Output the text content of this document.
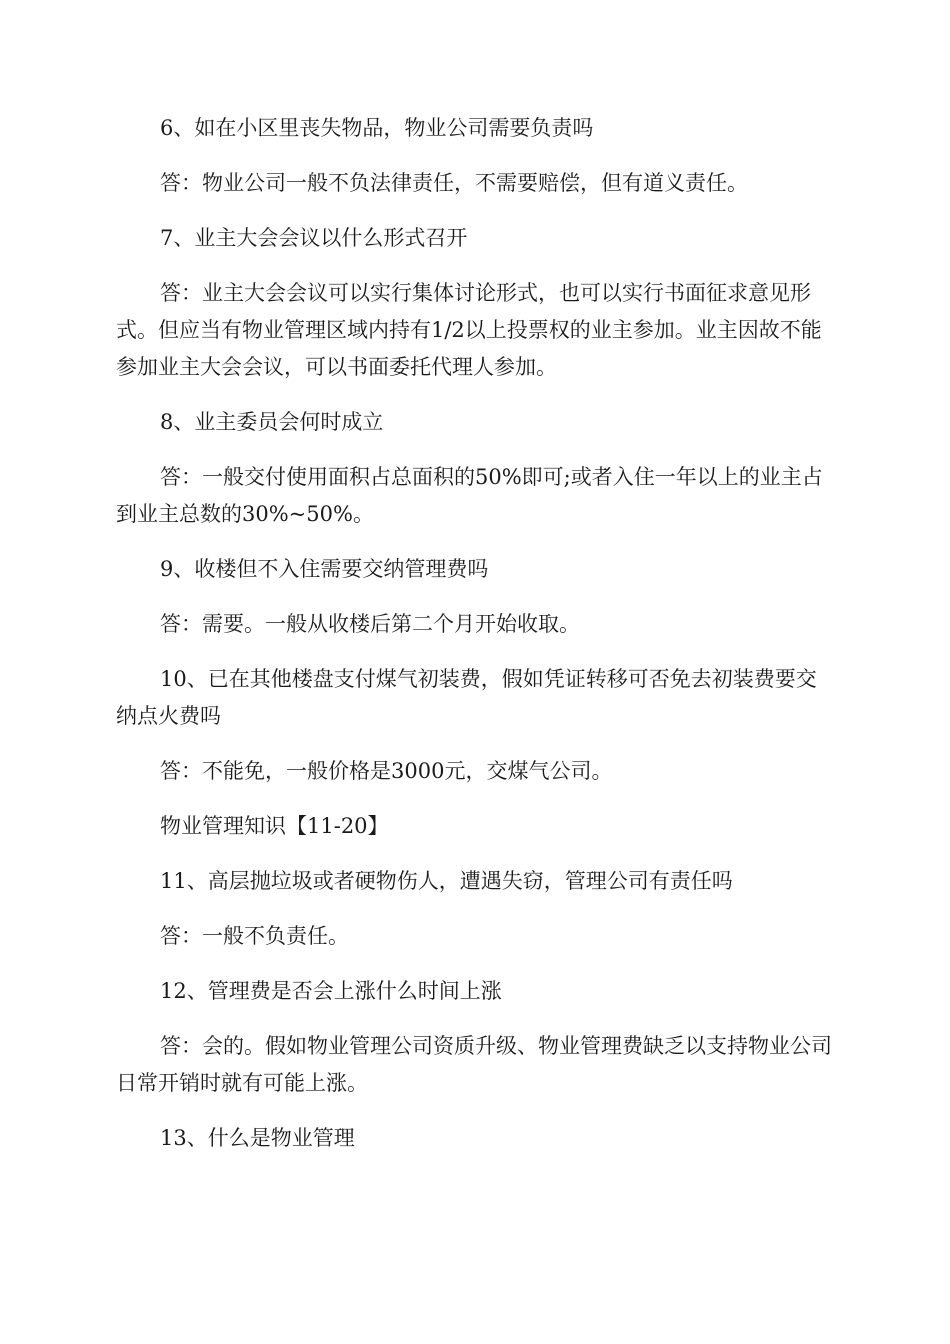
6、如在小区里丧失物品，物业公司需要负责吗

答：物业公司一般不负法律责任，不需要赔偿，但有道义责任。

7、业主大会会议以什么形式召开

答：业主大会会议可以实行集体讨论形式，也可以实行书面征求意见形式。但应当有物业管理区域内持有1/2以上投票权的业主参加。业主因故不能参加业主大会会议，可以书面委托代理人参加。

8、业主委员会何时成立

答：一般交付使用面积占总面积的50%即可;或者入住一年以上的业主占到业主总数的30%~50%。

9、收楼但不入住需要交纳管理费吗

答：需要。一般从收楼后第二个月开始收取。

10、已在其他楼盘支付煤气初装费，假如凭证转移可否免去初装费要交纳点火费吗

答：不能免，一般价格是3000元，交煤气公司。

物业管理知识【11-20】

11、高层抛垃圾或者硬物伤人，遭遇失窃，管理公司有责任吗

答：一般不负责任。

12、管理费是否会上涨什么时间上涨

答：会的。假如物业管理公司资质升级、物业管理费缺乏以支持物业公司日常开销时就有可能上涨。

13、什么是物业管理
